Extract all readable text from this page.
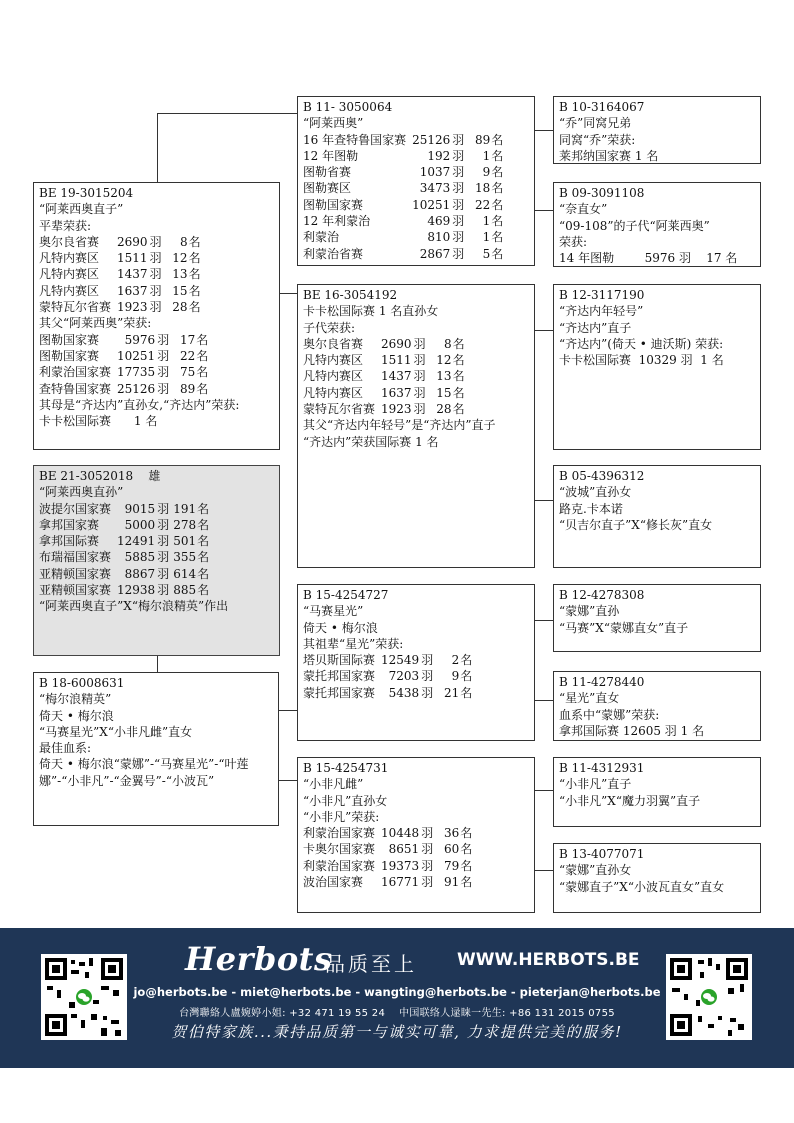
B 11- 3050064
“阿莱西奥”
16 年查特鲁国家赛	25126	羽	89	名
12 年图勒	192	羽	1	名
图勒省赛	1037	羽	9	名
图勒赛区	3473	羽	18	名
图勒国家赛	10251	羽	22	名
12 年利蒙治	469	羽	1	名
利蒙治	810	羽	1	名
利蒙治省赛	2867	羽	5	名
B 10-3164067
“乔”同窝兄弟
同窝“乔”荣获:
莱邦纳国家赛 1 名
B 09-3091108
“奈直女”
“09-108”的子代“阿莱西奥”
荣获:
14 年图勒        5976 羽    17 名
BE 19-3015204
“阿莱西奥直子”
平辈荣获:
奥尔良省赛	2690	羽	8	名
凡特内赛区	1511	羽	12	名
凡特内赛区	1437	羽	13	名
凡特内赛区	1637	羽	15	名
蒙特瓦尔省赛	1923	羽	28	名
其父“阿莱西奥”荣获:
图勒国家赛	5976	羽	17	名
图勒国家赛	10251	羽	22	名
利蒙治国家赛	17735	羽	75	名
查特鲁国家赛	25126	羽	89	名
其母是“齐达内”直孙女,“齐达内”荣获:
卡卡松国际赛      1 名
BE 16-3054192
卡卡松国际赛 1 名直孙女
子代荣获:
奥尔良省赛	2690	羽	8	名
凡特内赛区	1511	羽	12	名
凡特内赛区	1437	羽	13	名
凡特内赛区	1637	羽	15	名
蒙特瓦尔省赛	1923	羽	28	名
其父“齐达内年轻号”是“齐达内”直子
“齐达内”荣获国际赛 1 名
B 12-3117190
“齐达内年轻号”
“齐达内”直子
“齐达内”(倚天 • 迪沃斯) 荣获:
卡卡松国际赛  10329 羽  1 名
B 05-4396312
“波城”直孙女
路克.卡本诺
“贝吉尔直子”X“修长灰”直女
BE 21-3052018    雄
“阿莱西奥直孙”
波提尔国家赛	9015	羽	191	名
拿邦国家赛	5000	羽	278	名
拿邦国际赛	12491	羽	501	名
布瑞福国家赛	5885	羽	355	名
亚精顿国家赛	8867	羽	614	名
亚精顿国家赛	12938	羽	885	名
“阿莱西奥直子”X“梅尔浪精英”作出
B 15-4254727
“马赛星光”
倚天 • 梅尔浪
其祖辈“星光”荣获:
塔贝斯国际赛	12549	羽	2	名
蒙托邦国家赛	7203	羽	9	名
蒙托邦国家赛	5438	羽	21	名
B 12-4278308
“蒙娜”直孙
“马赛”X“蒙娜直女”直子
B 11-4278440
“星光”直女
血系中“蒙娜”荣获:
拿邦国际赛 12605 羽 1 名
B 18-6008631
“梅尔浪精英”
倚天 • 梅尔浪
“马赛星光”X“小非凡雌”直女
最佳血系:
倚天 • 梅尔浪“蒙娜”-“马赛星光”-“叶莲娜”-“小非凡”-“金翼号”-“小波瓦”
B 15-4254731
“小非凡雌”
“小非凡”直孙女
“小非凡”荣获:
利蒙治国家赛	10448	羽	36	名
卡奥尔国家赛	8651	羽	60	名
利蒙治国家赛	19373	羽	79	名
波治国家赛	16771	羽	91	名
B 11-4312931
“小非凡”直子
“小非凡”X“魔力羽翼”直子
B 13-4077071
“蒙娜”直孙女
“蒙娜直子”X“小波瓦直女”直女
Herbots
品质至上 WWW.HERBOTS.BE
jo@herbots.be - miet@herbots.be - wangting@herbots.be - pieterjan@herbots.be
台灣聯絡人盧婉婷小姐: +32 471 19 55 24    中国联络人逯睐一先生: +86 131 2015 0755
贺伯特家族...秉持品质第一与诚实可靠, 力求提供完美的服务!
